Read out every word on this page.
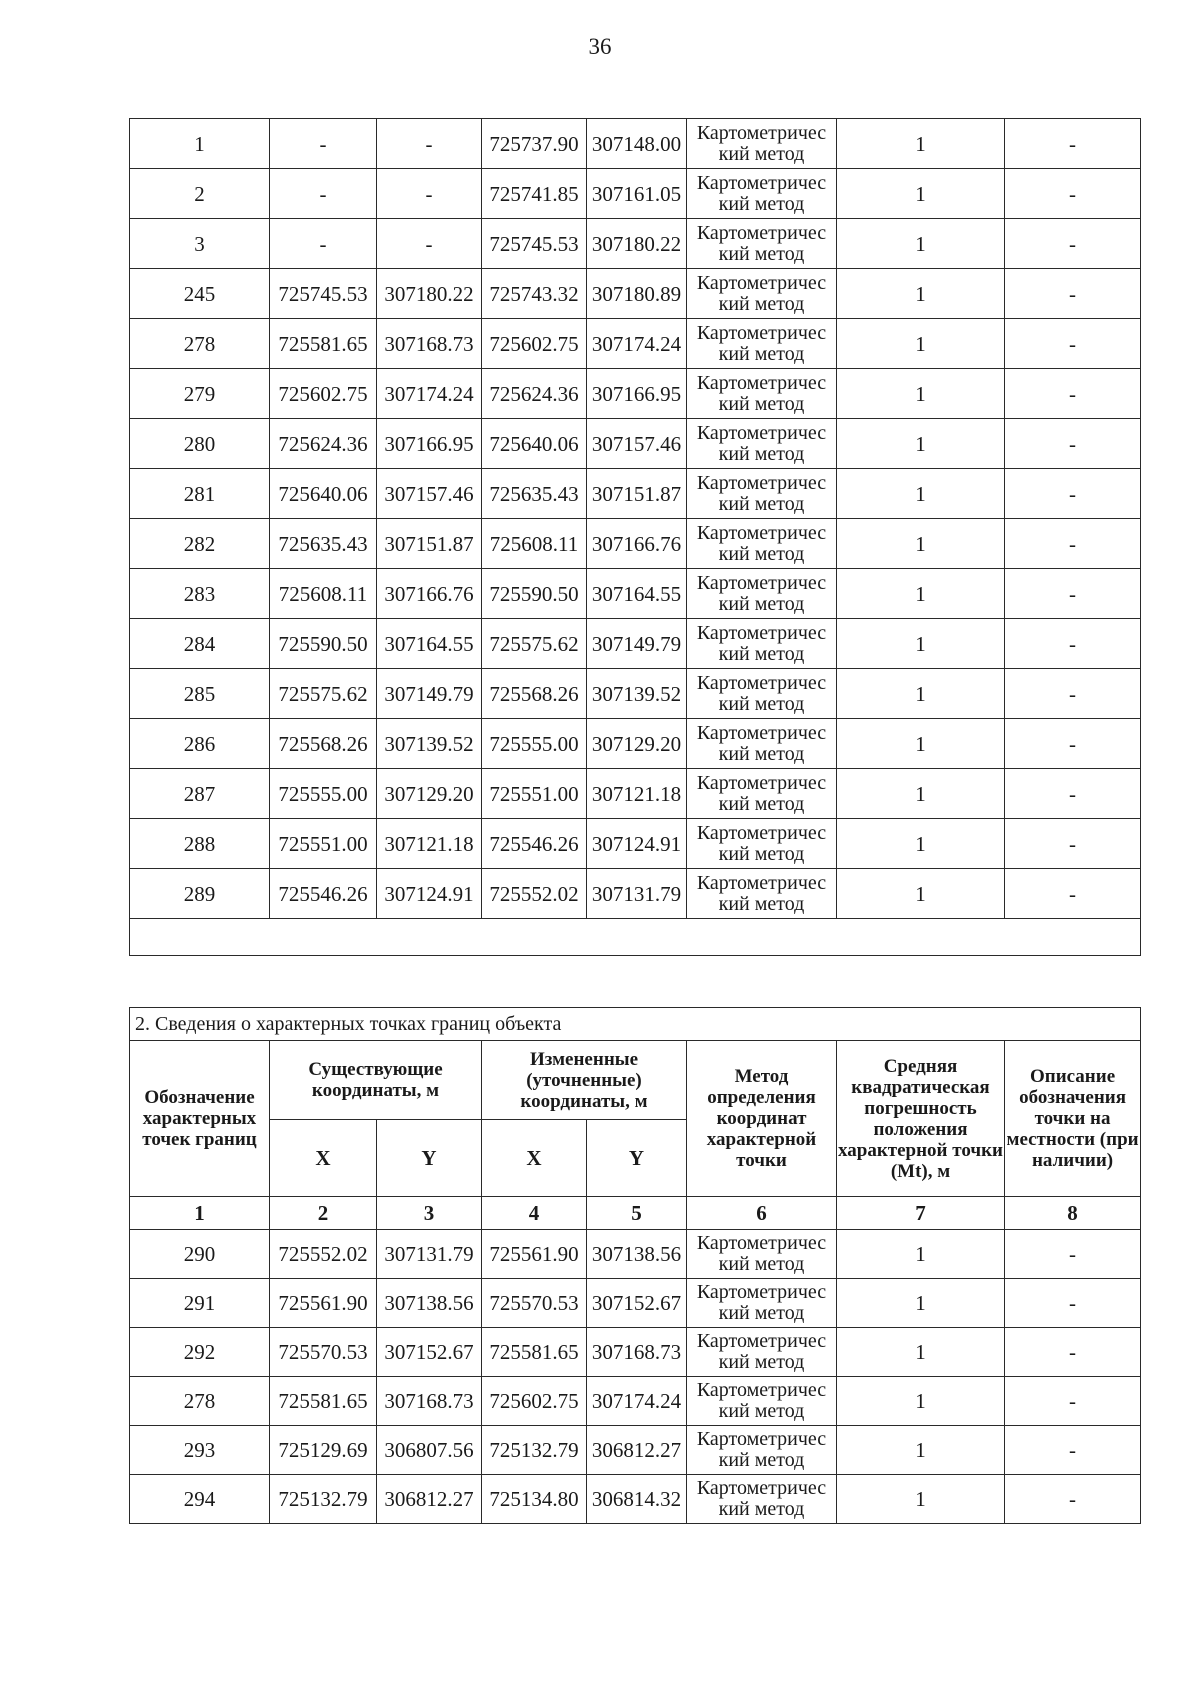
36
1	-	-	725737.90	307148.00	Картометричес кий метод	1	-
2	-	-	725741.85	307161.05	Картометричес кий метод	1	-
3	-	-	725745.53	307180.22	Картометричес кий метод	1	-
245	725745.53	307180.22	725743.32	307180.89	Картометричес кий метод	1	-
278	725581.65	307168.73	725602.75	307174.24	Картометричес кий метод	1	-
279	725602.75	307174.24	725624.36	307166.95	Картометричес кий метод	1	-
280	725624.36	307166.95	725640.06	307157.46	Картометричес кий метод	1	-
281	725640.06	307157.46	725635.43	307151.87	Картометричес кий метод	1	-
282	725635.43	307151.87	725608.11	307166.76	Картометричес кий метод	1	-
283	725608.11	307166.76	725590.50	307164.55	Картометричес кий метод	1	-
284	725590.50	307164.55	725575.62	307149.79	Картометричес кий метод	1	-
285	725575.62	307149.79	725568.26	307139.52	Картометричес кий метод	1	-
286	725568.26	307139.52	725555.00	307129.20	Картометричес кий метод	1	-
287	725555.00	307129.20	725551.00	307121.18	Картометричес кий метод	1	-
288	725551.00	307121.18	725546.26	307124.91	Картометричес кий метод	1	-
289	725546.26	307124.91	725552.02	307131.79	Картометричес кий метод	1	-

2. Сведения о характерных точках границ объекта							
Обозначение характерных точек границ	Существующие координаты, м		Измененные (уточненные) координаты, м		Метод определения координат характерной точки	Средняя квадратическая погрешность положения характерной точки (Mt), м	Описание обозначения точки на местности (при наличии)
	X	Y	X	Y			
1	2	3	4	5	6	7	8
290	725552.02	307131.79	725561.90	307138.56	Картометричес кий метод	1	-
291	725561.90	307138.56	725570.53	307152.67	Картометричес кий метод	1	-
292	725570.53	307152.67	725581.65	307168.73	Картометричес кий метод	1	-
278	725581.65	307168.73	725602.75	307174.24	Картометричес кий метод	1	-
293	725129.69	306807.56	725132.79	306812.27	Картометричес кий метод	1	-
294	725132.79	306812.27	725134.80	306814.32	Картометричес кий метод	1	-
